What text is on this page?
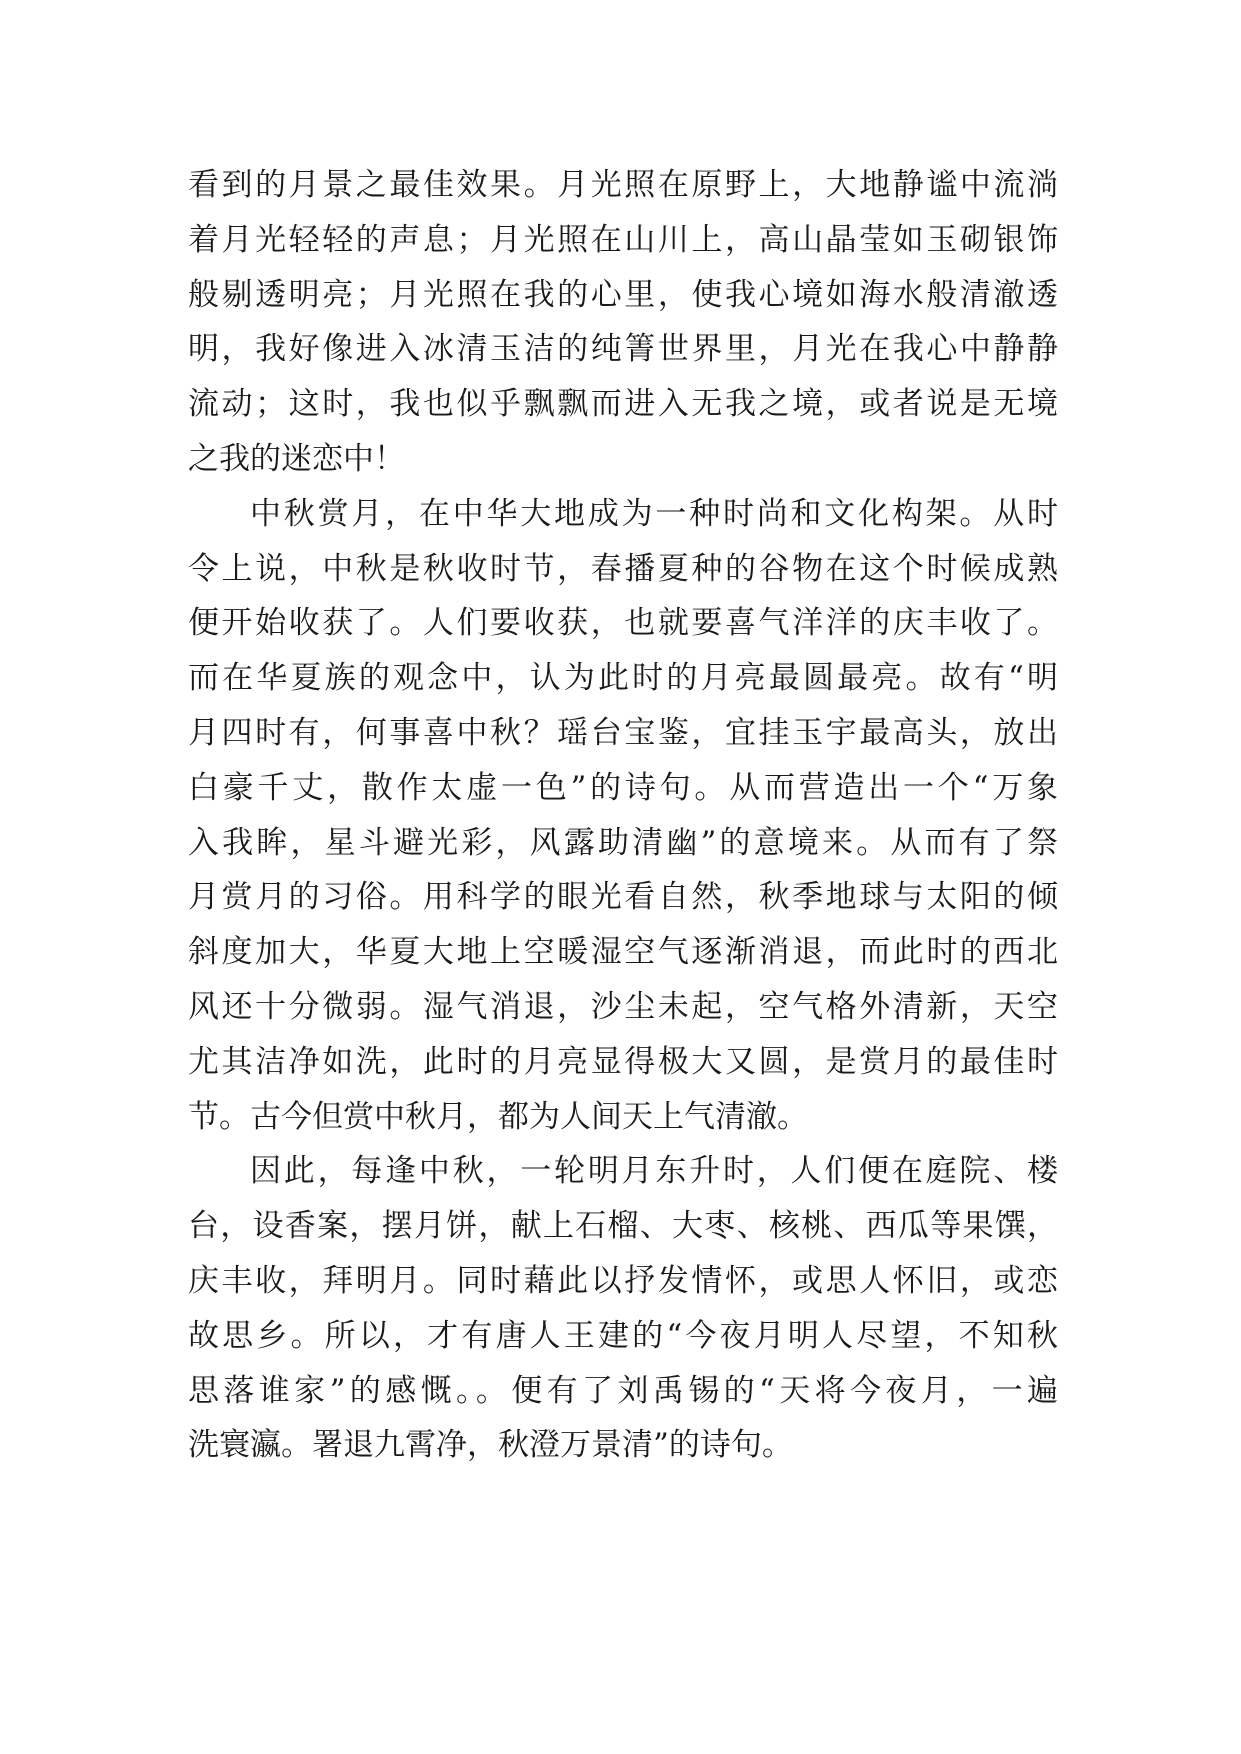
看到的月景之最佳效果。月光照在原野上，大地静谧中流淌
着月光轻轻的声息；月光照在山川上，高山晶莹如玉砌银饰
般剔透明亮；月光照在我的心里，使我心境如海水般清澈透
明，我好像进入冰清玉洁的纯箐世界里，月光在我心中静静
流动；这时，我也似乎飘飘而进入无我之境，或者说是无境
之我的迷恋中！
中秋赏月，在中华大地成为一种时尚和文化构架。从时
令上说，中秋是秋收时节，春播夏种的谷物在这个时候成熟
便开始收获了。人们要收获，也就要喜气洋洋的庆丰收了。
而在华夏族的观念中，认为此时的月亮最圆最亮。故有“明
月四时有，何事喜中秋？瑶台宝鉴，宜挂玉宇最高头，放出
白豪千丈，散作太虚一色”的诗句。从而营造出一个“万象
入我眸，星斗避光彩，风露助清幽”的意境来。从而有了祭
月赏月的习俗。用科学的眼光看自然，秋季地球与太阳的倾
斜度加大，华夏大地上空暖湿空气逐渐消退，而此时的西北
风还十分微弱。湿气消退，沙尘未起，空气格外清新，天空
尤其洁净如洗，此时的月亮显得极大又圆，是赏月的最佳时
节。古今但赏中秋月，都为人间天上气清澈。
因此，每逢中秋，一轮明月东升时，人们便在庭院、楼
台，设香案，摆月饼，献上石榴、大枣、核桃、西瓜等果馔，
庆丰收，拜明月。同时藉此以抒发情怀，或思人怀旧，或恋
故思乡。所以，才有唐人王建的“今夜月明人尽望，不知秋
思落谁家”的感慨。。便有了刘禹锡的“天将今夜月，一遍
洗寰瀛。署退九霄净，秋澄万景清”的诗句。
